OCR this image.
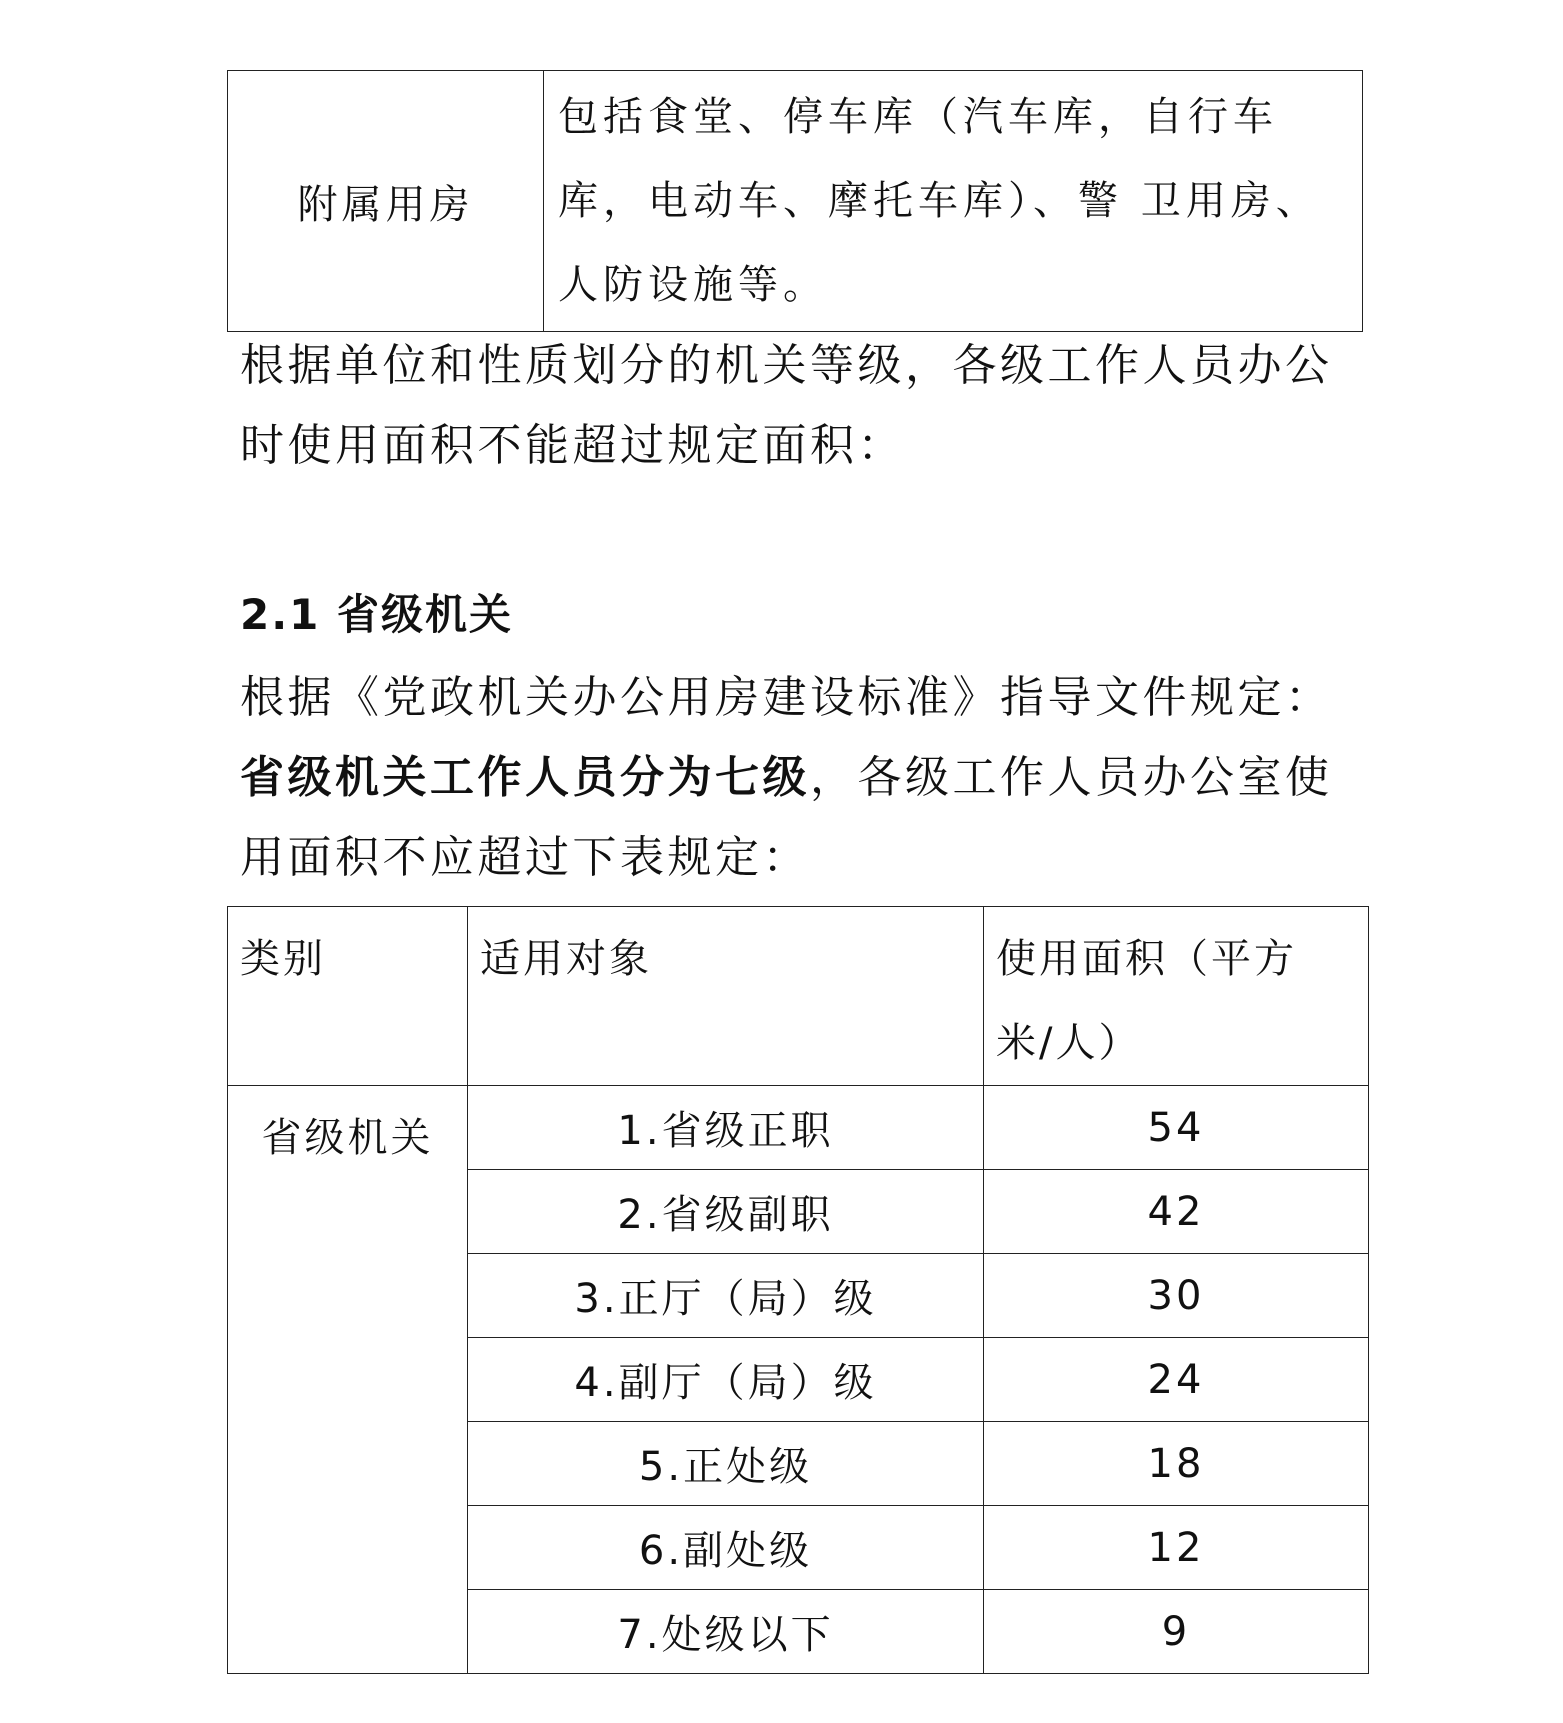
附属用房	包括食堂、停车库（汽车库，自行车库，电动车、摩托车库）、警 卫用房、人防设施等。

根据单位和性质划分的机关等级，各级工作人员办公时使用面积不能超过规定面积：

2.1 省级机关

根据《党政机关办公用房建设标准》指导文件规定：
省级机关工作人员分为七级，各级工作人员办公室使用面积不应超过下表规定：

类别	适用对象	使用面积（平方米/人）
省级机关	1.省级正职	54
	2.省级副职	42
	3.正厅（局）级	30
	4.副厅（局）级	24
	5.正处级	18
	6.副处级	12
	7.处级以下	9
